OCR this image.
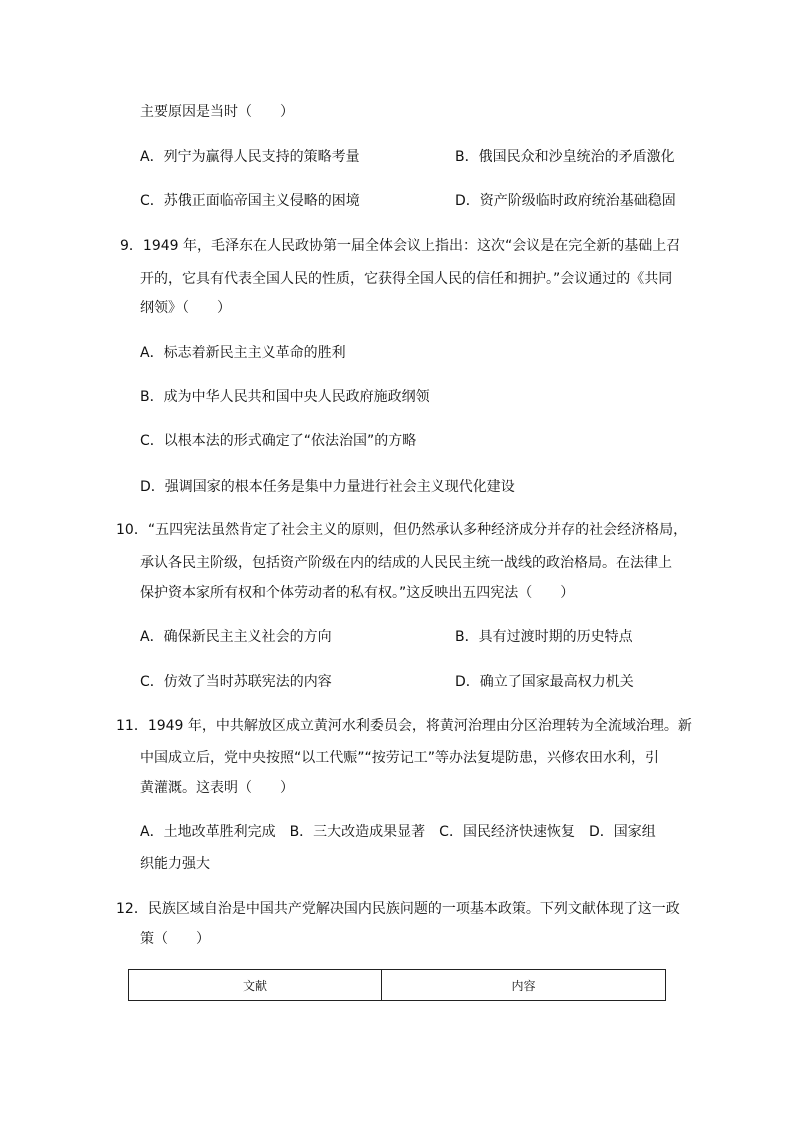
主要原因是当时（　　）
A．列宁为赢得人民支持的策略考量	B．俄国民众和沙皇统治的矛盾激化
C．苏俄正面临帝国主义侵略的困境	D．资产阶级临时政府统治基础稳固
9．1949 年，毛泽东在人民政协第一届全体会议上指出：这次“会议是在完全新的基础上召
开的，它具有代表全国人民的性质，它获得全国人民的信任和拥护。”会议通过的《共同
纲领》（　　）
A．标志着新民主主义革命的胜利
B．成为中华人民共和国中央人民政府施政纲领
C．以根本法的形式确定了“依法治国”的方略
D．强调国家的根本任务是集中力量进行社会主义现代化建设
10．“五四宪法虽然肯定了社会主义的原则，但仍然承认多种经济成分并存的社会经济格局，
承认各民主阶级，包括资产阶级在内的结成的人民民主统一战线的政治格局。在法律上
保护资本家所有权和个体劳动者的私有权。”这反映出五四宪法（　　）
A．确保新民主主义社会的方向	B．具有过渡时期的历史特点
C．仿效了当时苏联宪法的内容	D．确立了国家最高权力机关
11．1949 年，中共解放区成立黄河水利委员会，将黄河治理由分区治理转为全流域治理。新
中国成立后，党中央按照“以工代赈”“按劳记工”等办法复堤防患，兴修农田水利，引
黄灌溉。这表明（　　）
A．土地改革胜利完成　B．三大改造成果显著　C．国民经济快速恢复　D．国家组
织能力强大
12．民族区域自治是中国共产党解决国内民族问题的一项基本政策。下列文献体现了这一政
策（　　）
文献	内容
